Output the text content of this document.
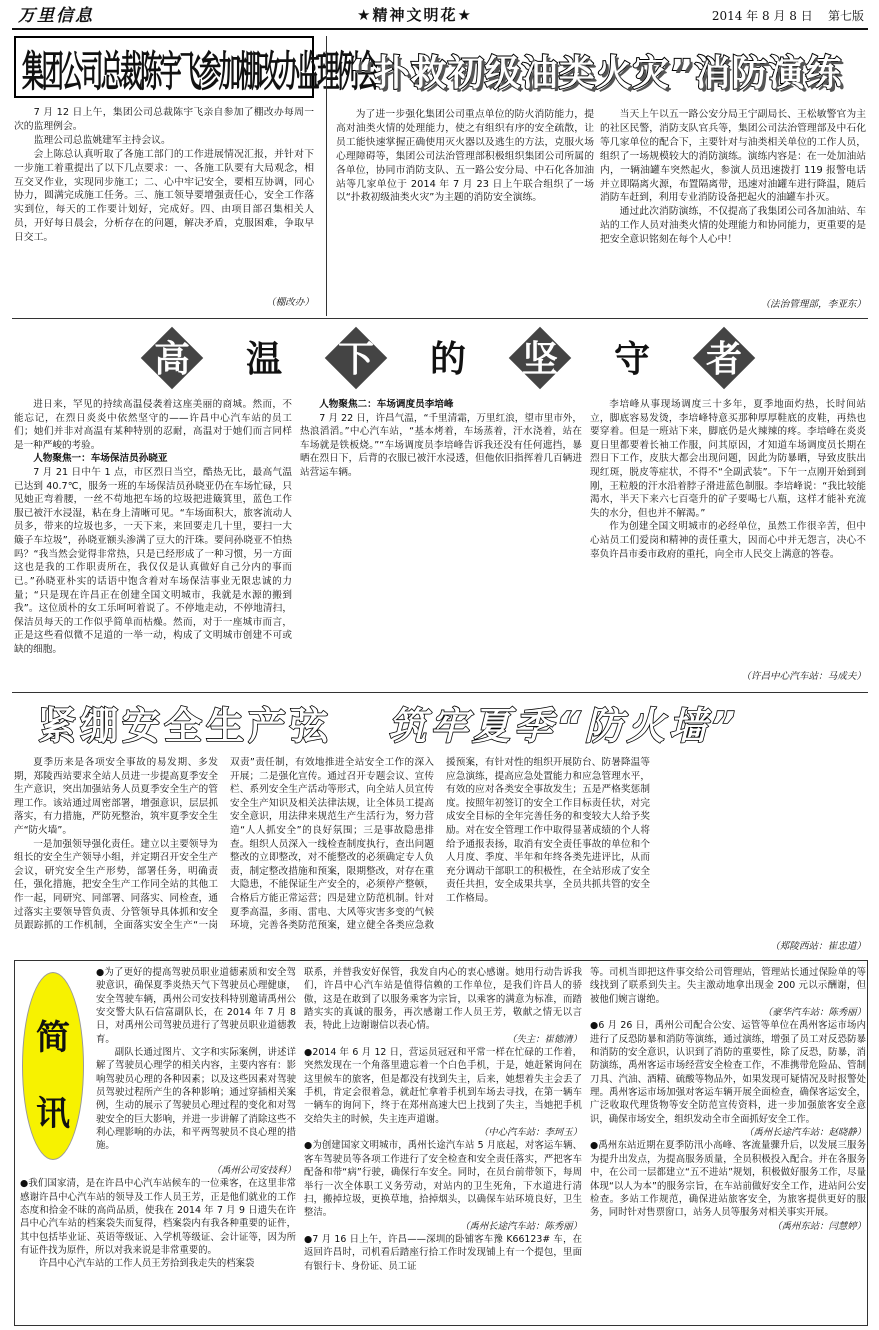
万里信息	★精神文明花★	2014 年 8 月 8 日 第七版
集团公司总裁陈宇飞参加棚改办监理例会

7 月 12 日上午，集团公司总裁陈宇飞亲自参加了棚改办每周一次的监理例会。

监理公司总监姚建军主持会议。

会上陈总认真听取了各施工部门的工作进展情况汇报，并针对下一步施工着重提出了以下几点要求：一、各施工队要有大局观念，相互交叉作业，实现同步施工；二、心中牢记安全，要相互协调，同心协力，圆满完成施工任务。三、施工领导要增强责任心，安全工作落实到位，每天的工作要计划好，完成好。四、由项目部召集相关人员，开好每日晨会，分析存在的问题，解决矛盾，克服困难，争取早日交工。

（棚改办）
“扑救初级油类火灾”消防演练

为了进一步强化集团公司重点单位的防火消防能力，提高对油类火情的处理能力，使之有组织有序的安全疏散，让员工能快速掌握正确使用灭火器以及逃生的方法，克服火场心理障碍等，集团公司法治管理部积极组织集团公司所属的各单位，协同市消防支队、五一路公安分局、中石化各加油站等几家单位于 2014 年 7 月 23 日上午联合组织了一场以“扑救初级油类火灾”为主题的消防安全演练。

当天上午以五一路公安分局王宁副局长、王松敏警官为主的社区民警，消防支队官兵等，集团公司法治管理部及中石化等几家单位的配合下，主要针对与油类相关单位的工作人员，组织了一场规模较大的消防演练。演练内容是：在一处加油站内，一辆油罐车突然起火，参演人员迅速拨打 119 报警电话并立即隔离火源，布置隔离带，迅速对油罐车进行降温，随后消防车赶到，利用专业消防设备把起火的油罐车扑灭。

通过此次消防演练，不仅提高了我集团公司各加油站、车站的工作人员对油类火情的处理能力和协同能力，更重要的是把安全意识铭刻在每个人心中！

（法治管理部，李亚东）
高	温	下	的	坚	守	者

进日来，罕见的持续高温侵袭着这座美丽的商城。然而，不能忘记，在烈日炎炎中依然坚守的——许昌中心汽车站的员工们；她们并非对高温有某种特别的忍耐，高温对于她们而言同样是一种严峻的考验。

人物聚焦一：车场保洁员孙晓亚

7 月 21 日中午 1 点，市区烈日当空，酷热无比，最高气温已达到 40.7℃，服务一班的车场保洁员孙晓亚仍在车场忙碌，只见她正弯着腰，一丝不苟地把车场的垃圾把进簸箕里，蓝色工作服已被汗水浸湿，粘在身上清晰可见。“车场面积大，旅客流动人员多，带来的垃圾也多，一天下来，来回要走几十里，要扫一大簸子车垃圾”，孙晓亚额头渗满了豆大的汗珠。要问孙晓亚不怕热吗？“我当然会觉得非常热，只是已经形成了一种习惯，另一方面这也是我的工作职责所在，我仅仅是认真做好自己分内的事而已。”孙晓亚朴实的话语中饱含着对车场保洁事业无限忠诚的力量；“只是现在许昌正在创建全国文明城市，我就是水源的搬到我”。这位质朴的女工乐呵呵着说了。不停地走动，不停地清扫，保洁员每天的工作似乎简单而枯燥。然而，对于一座城市而言，正是这些看似微不足道的一举一动，构成了文明城市创建不可或缺的细胞。

人物聚焦二：车场调度员李培峰

7 月 22 日，许昌气温，“千里清霜，万里红浪，望市里市外，热浪滔滔。”中心汽车站，“基本烤着，车场蒸着，汗水浇着，站在车场就是铁板烧。”“车场调度员李培峰告诉我还没有任何遮挡，暴晒在烈日下，后背的衣服已被汗水浸透，但他依旧指挥着几百辆进站营运车辆。

李培峰从事现场调度三十多年，夏季地面灼热，长时间站立，脚底容易发烫，李培峰特意买那种厚厚鞋底的皮鞋，再热也要穿着。但是一班站下来，脚底仍是火辣辣的疼。李培峰在炎炎夏日里都要着长袖工作服，问其原因，才知道车场调度员长期在烈日下工作，皮肤大都会出现问题，因此为防暴晒，导致皮肤出现红斑，脱皮等症状，不得不“全副武装”。下午一点刚开始到到刚，王粒般的汗水沿着脖子滑进蓝色制服。李培峰说：“我比较能渴水，半天下来六七百毫升的矿子要喝七八瓶，这样才能补充流失的水分，但也并不解渴。”

作为创建全国文明城市的必经单位，虽然工作很辛苦，但中心站员工们爱岗和精神的责任重大，因而心中并无怨言，决心不辜负许昌市委市政府的重托，向全市人民交上满意的答卷。

（许昌中心汽车站：马成夫）
紧绷安全生产弦 筑牢夏季“防火墙”

夏季历来是各项安全事故的易发期、多发期，郑陵西站要求全站人员进一步提高夏季安全生产意识，突出加强站务人员夏季安全生产的管理工作。该站通过周密部署，增强意识，层层抓落实，有力措施，严防死整治，筑牢夏季安全生产“防火墙”。

一是加强领导强化责任。建立以主要领导为组长的安全生产领导小组，并定期召开安全生产会议，研究安全生产形势，部署任务，明确责任，强化措施，把安全生产工作同全站的其他工作一起，同研究、同部署、同落实、同检查，通过落实主要领导管负责、分管领导具体抓和安全员跟踪抓的工作机制，全面落实安全生产“一岗双责”责任制，有效地推进全站安全工作的深入开展；二是强化宣传。通过召开专题会议、宣传栏、系列安全生产活动等形式，向全站人员宣传安全生产知识及相关法律法规，让全体员工提高安全意识，用法律来规范生产生活行为，努力营造“人人抓安全”的良好氛围；三是事故隐患排查。组织人员深入一线检查制度执行，查出问题整改的立即整改，对不能整改的必须确定专人负责，制定整改措施和预案，限期整改，对存在重大隐患，不能保证生产安全的，必须停产整顿，合格后方能正常运营；四是建立防范机制。针对夏季高温，多雨、雷电、大风等灾害多变的气候环境，完善各类防范预案，建立健全各类应急救援预案，有针对性的组织开展防台、防暑降温等应急演练，提高应急处置能力和应急管理水平，有效的应对各类安全事故发生；五是严格奖惩制度。按照年初签订的安全工作目标责任状，对完成安全目标的全年完善任务的和变较大人给予奖励。对在安全管理工作中取得显著成绩的个人将给予通报表扬，取消有安全责任事故的单位和个人月度、季度、半年和年终各类先进评比，从而充分调动干部职工的积极性，在全站形成了安全责任共担，安全成果共享，全员共抓共管的安全工作格局。

（郑陵西站：崔忠道）
简
讯

●为了更好的提高驾驶员职业道德素质和安全驾驶意识，确保夏季炎热天气下驾驶员心理健康，安全驾驶车辆，禹州公司安技科特别邀请禹州公安交警大队石信富副队长，在 2014 年 7 月 8 日，对禹州公司驾驶员进行了驾驶员职业道德教育。

副队长通过图片、文字和实际案例，讲述详解了驾驶员心理学的相关内容，主要内容有：影响驾驶员心理的各种因素；以及这些因素对驾驶员驾驶过程所产生的各种影响；通过穿插相关案例，生动的展示了驾驶员心理过程的变化和对驾驶安全的巨大影响，并进一步讲解了消除这些不利心理影响的办法，和平两驾驶员不良心理的措施。

（禹州公司安技科）

●我们国家清，是在许昌中心汽车站候车的一位乘客，在这里非常感谢许昌中心汽车站的领导及工作人员王芳，正是他们就业的工作态度和拾金不昧的高尚品质，使我在 2014 年 7 月 9 日遗失在许昌中心汽车站的档案袋失而复得，档案袋内有我各种重要的证件，其中包括毕业证、英语等级证、入学机等级证、会计证等，因为所有证件找为原件，所以对我来说是非常重要的。

许昌中心汽车站的工作人员王芳拾到我走失的档案袋

联系，并替我安好保管，我发自内心的衷心感谢。她用行动告诉我们，许昌中心汽车站是值得信赖的工作单位，是我们许昌人的骄傲，这是在敢到了以服务乘客为宗旨，以乘客的满意为标准，而踏踏实实的真诚的服务，再次感谢工作人员王芳，敬献之情无以言表，特此上边谢谢信以表心情。

（失主：崔德清）

●2014 年 6 月 12 日，营运员冠冠和平常一样在忙碌的工作着，突然发现在一个角落里遗忘着一个白色手机，于是，她赶紧询问在这里候车的旅客，但是都没有找到失主，后来，她想着失主会丢了手机，肯定会很着急，就赶忙拿着手机到车场去寻找，在第一辆车一辆车的询问下，终于在郑州高速大巴上找到了失主，当她把手机交给失主的时候，失主连声道谢。

（中心汽车站：李珂玉）

●为创建国家文明城市，禹州长途汽车站 5 月底起，对客运车辆、客车驾驶员等各项工作进行了安全检查和安全责任落实，严把客车配备和带“病”行驶，确保行车安全。同时，在员台前带领下，每周举行一次全体职工义务劳动，对站内的卫生死角，下水道进行清扫，搬掉垃圾，更换草地，拾掉烟头，以确保车站环境良好，卫生整洁。

（禹州长途汽车站：陈秀丽）

●7 月 16 日上午，许昌——深圳的卧铺客车豫 K66123# 车，在返回许昌时，司机看后踏座行拾工作时发现铺上有一个提包，里面有银行卡、身份证、员工证

等。司机当即把这件事交给公司管理站，管理站长通过保险单的等线找到了联系到失主。失主激动地拿出现金 200 元以示酬谢，但被他们婉言谢绝。

（豪华汽车站：陈秀丽）

●6 月 26 日，禹州公司配合公安、运管等单位在禹州客运市场内进行了反恐防暴和消防等演练，通过演练，增强了员工对反恐防暴和消防的安全意识，认识到了消防的重要性，除了反恐，防暴，消防演练，禹州客运市场经营安全检查工作，不准携带危险品、管制刀具、汽油、酒精、硫酸等物品外，如果发现可疑情况及时报警处理。禹州客运市场加强对客运车辆开展全面检查，确保客运安全，广泛收取代理货物等安全防范宣传资料，进一步加强旅客安全意识，确保市场安全，组织发动全市全面抓好安全工作。

（禹州长途汽车站：赵晓静）

●禹州东站近期在夏季防汛小高峰、客流量骤升后，以发展三服务为提升出发点，为提高服务质量，全员积极投入配合。并在各服务中，在公司一层都建立“五不进站”规划，积极做好服务工作，尽量体现“以人为本”的服务宗旨，在车站前做好安全工作，进站问公安检查。多站工作规范，确保进站旅客安全，为旅客提供更好的服务，同时针对售票窗口，站务人员等服务对相关事实开展。

（禹州东站：闫慧婷）
